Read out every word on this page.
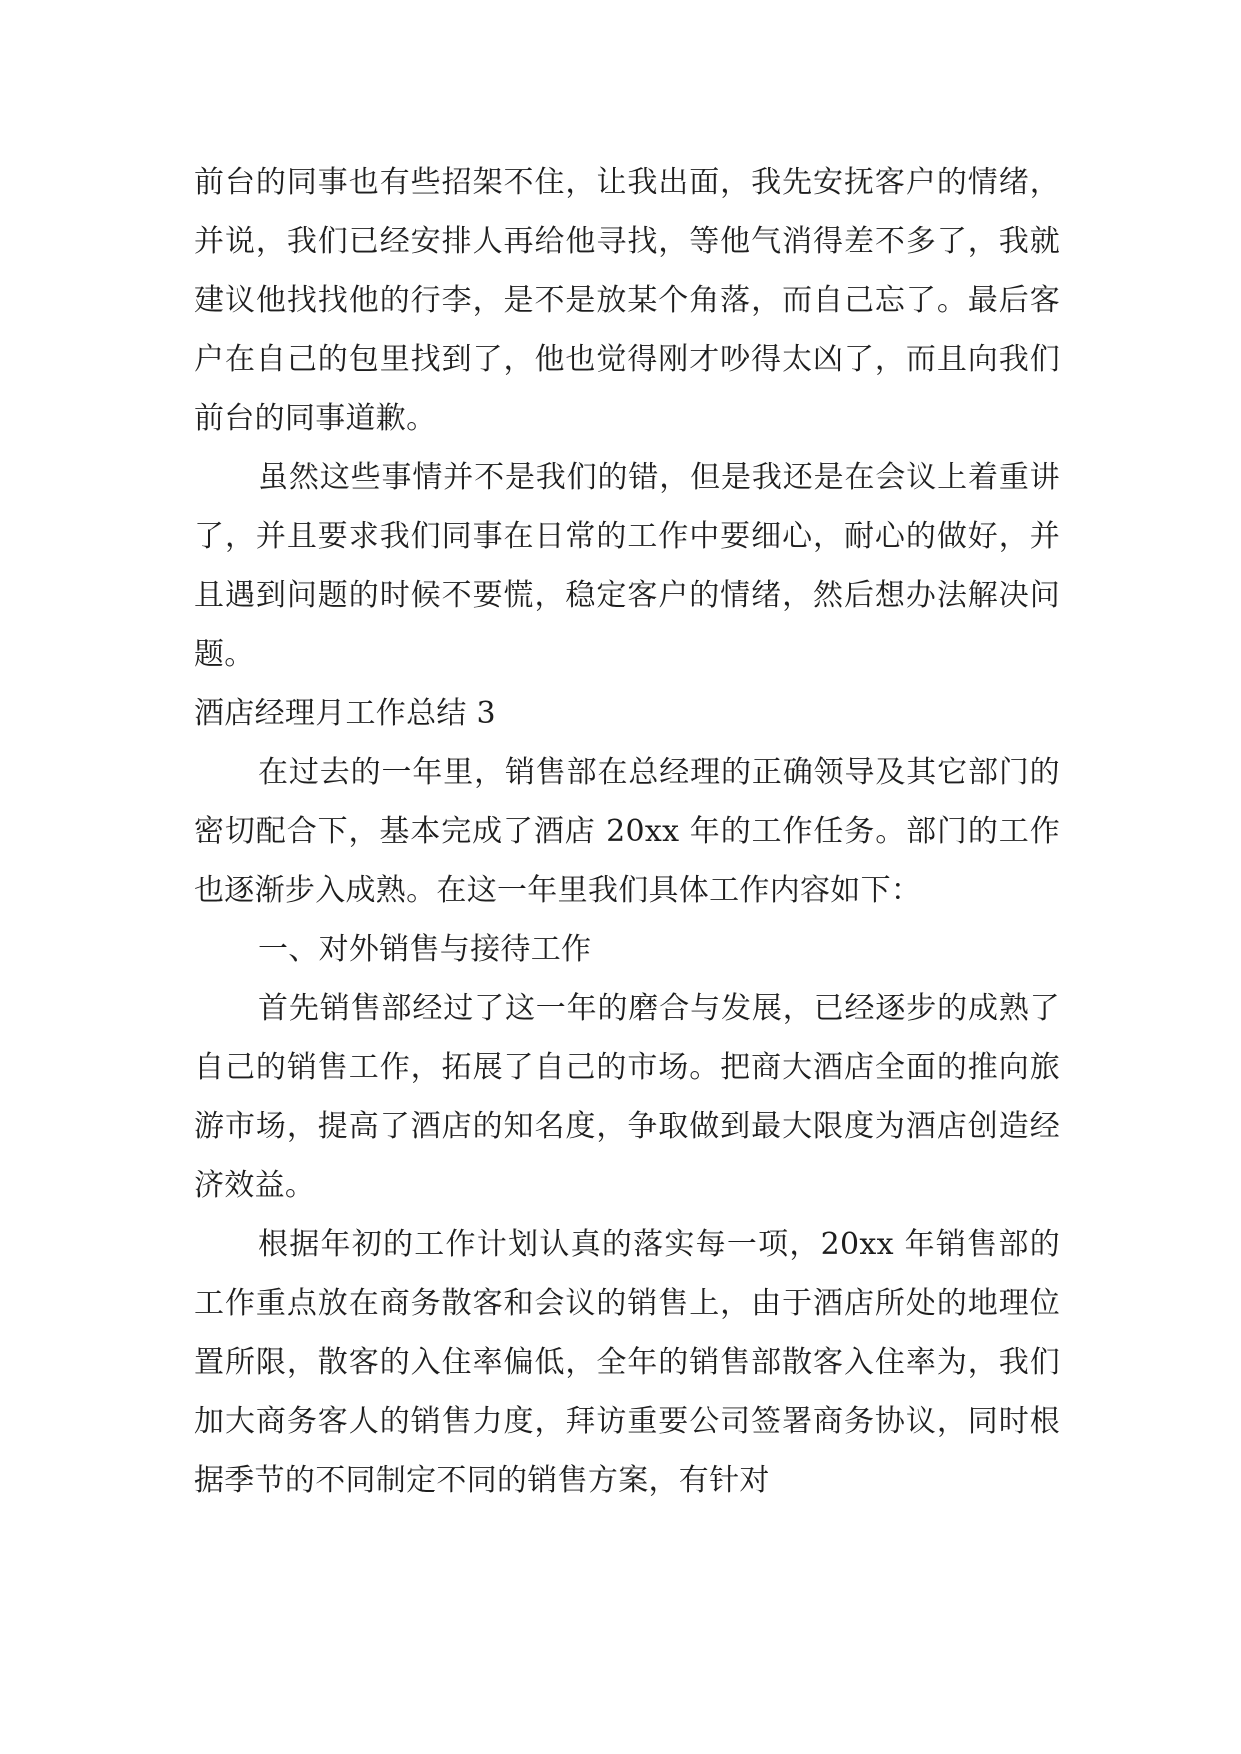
前台的同事也有些招架不住，让我出面，我先安抚客户的情绪，并说，我们已经安排人再给他寻找，等他气消得差不多了，我就建议他找找他的行李，是不是放某个角落，而自己忘了。最后客户在自己的包里找到了，他也觉得刚才吵得太凶了，而且向我们前台的同事道歉。

虽然这些事情并不是我们的错，但是我还是在会议上着重讲了，并且要求我们同事在日常的工作中要细心，耐心的做好，并且遇到问题的时候不要慌，稳定客户的情绪，然后想办法解决问题。

酒店经理月工作总结 3

在过去的一年里，销售部在总经理的正确领导及其它部门的密切配合下，基本完成了酒店 20xx 年的工作任务。部门的工作也逐渐步入成熟。在这一年里我们具体工作内容如下：

一、对外销售与接待工作

首先销售部经过了这一年的磨合与发展，已经逐步的成熟了自己的销售工作，拓展了自己的市场。把商大酒店全面的推向旅游市场，提高了酒店的知名度，争取做到最大限度为酒店创造经济效益。

根据年初的工作计划认真的落实每一项，20xx 年销售部的工作重点放在商务散客和会议的销售上，由于酒店所处的地理位置所限，散客的入住率偏低，全年的销售部散客入住率为，我们加大商务客人的销售力度，拜访重要公司签署商务协议，同时根据季节的不同制定不同的销售方案，有针对
